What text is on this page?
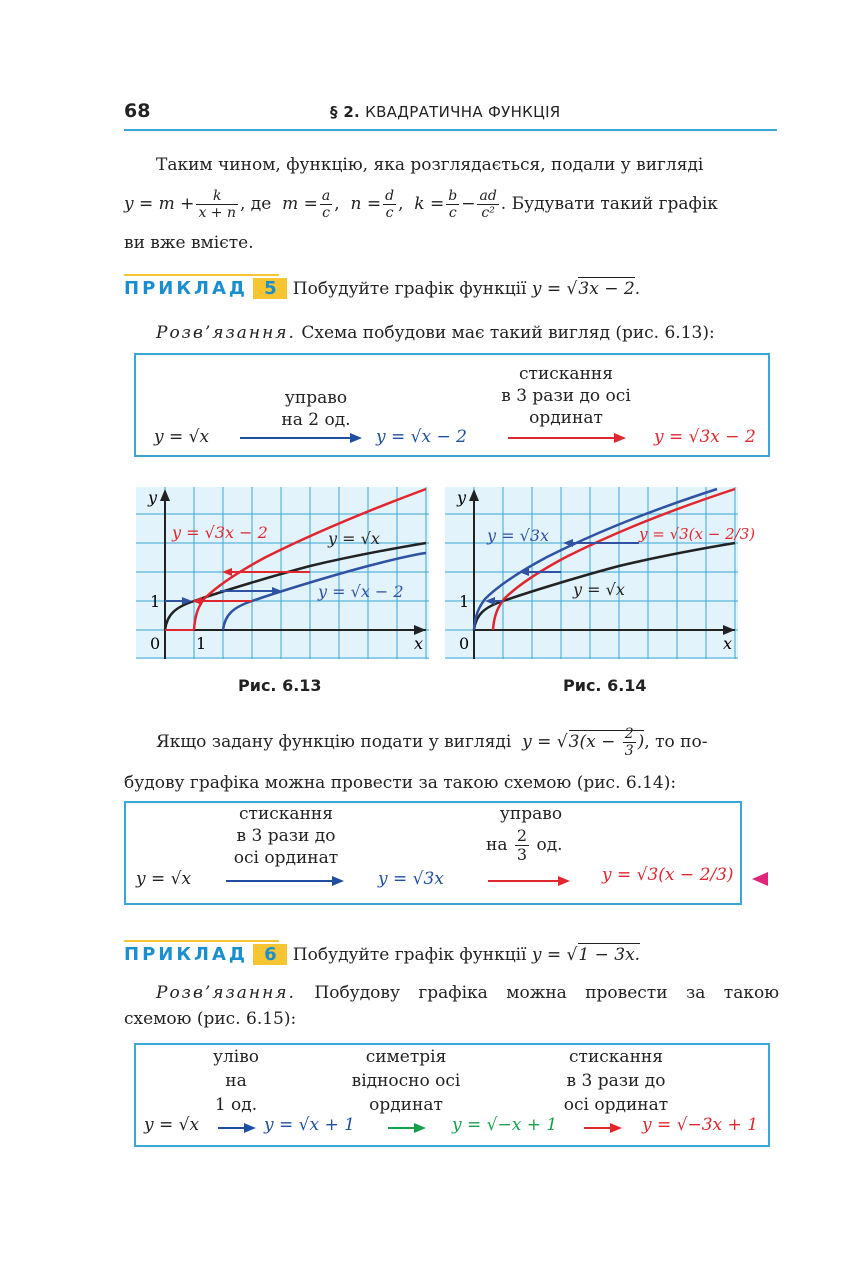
68	§ 2. КВАДРАТИЧНА ФУНКЦІЯ
Таким чином, функцію, яка розглядається, подали у вигляді
$y = m + \frac{k}{x + n}$ , де $m = \frac{a}{c}$ ,  $n = \frac{d}{c}$ ,  $k = \frac{b}{c} - \frac{ad}{\text{c²}}$ . Будувати такий графік
ви вже вмієте.
ПРИКЛАД 5 Побудуйте графік функції y = √3x − 2.
Розв’язання. Схема побудови має такий вигляд (рис. 6.13):
y = √x
управо
на 2 од.
y = √x − 2
стискання
в 3 рази до осі
ординат
y = √3x − 2
y
x
0
1
1
y = √3x − 2	y = √x
y = √x − 2
Рис. 6.13
y
x
0
1
y = √3x	y = √3(x − 2/3)
y = √x
Рис. 6.14
Якщо задану функцію подати у вигляді  $y = √3(x - \frac{2}{3}$ ), то по-
будову графіка можна провести за такою схемою (рис. 6.14):
y = √x
стискання
в 3 рази до
осі ординат
y = √3x
управо
на $\frac{2}{3}$ од.
y = √3(x − 2/3)
ПРИКЛАД 6 Побудуйте графік функції y = √1 − 3x.
Розв’язання. Побудову графіка можна провести за такою
схемою (рис. 6.15):
уліво
на
1 од.
симетрія
відносно осі
ординат
стискання
в 3 рази до
осі ординат
y = √x	y = √x + 1	y = √−x + 1	y = √−3x + 1
